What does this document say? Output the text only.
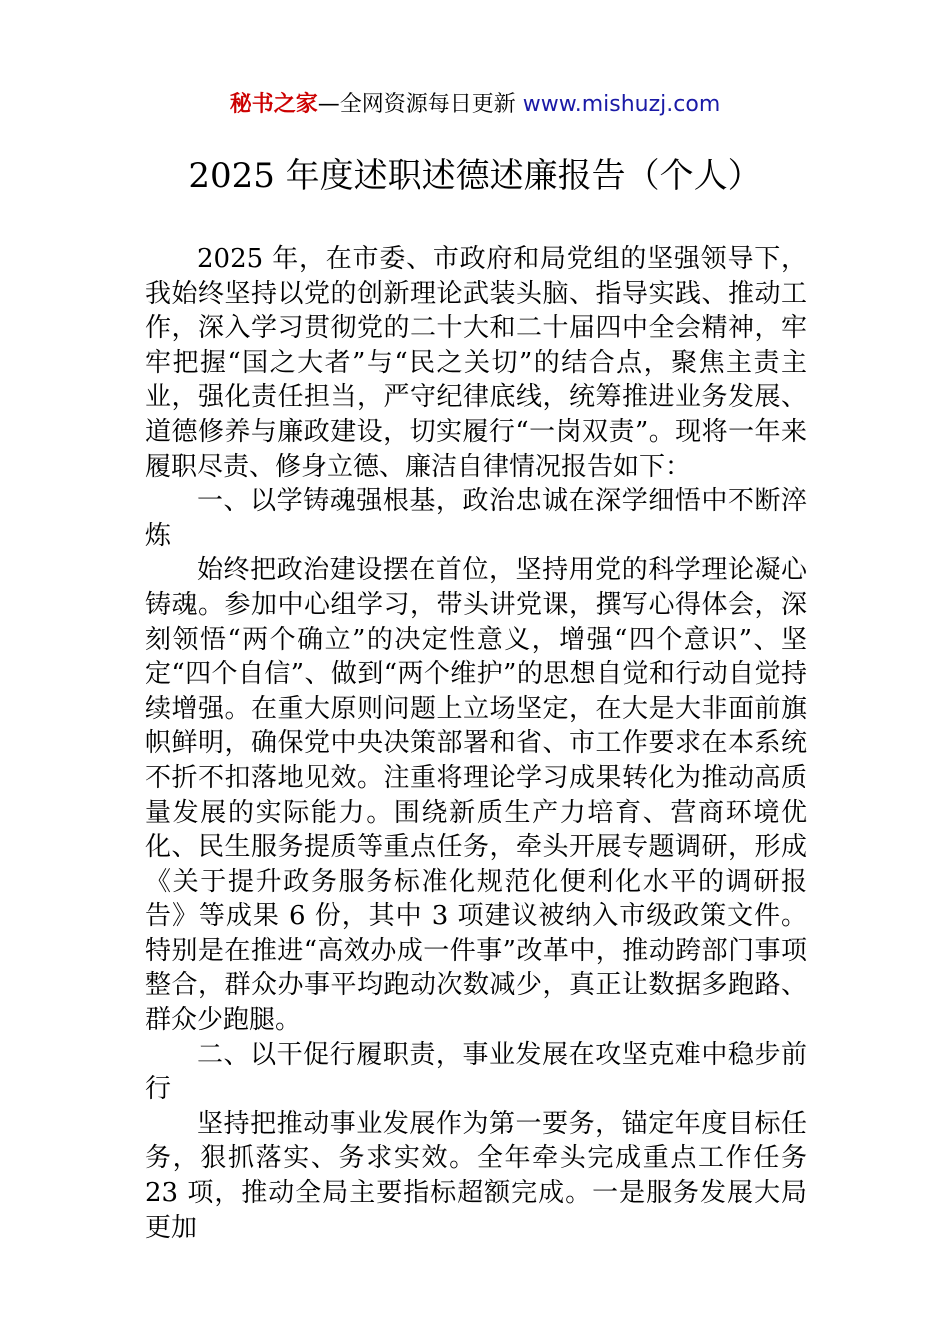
秘书之家—全网资源每日更新 www.mishuzj.com
2025 年度述职述德述廉报告（个人）

2025 年，在市委、市政府和局党组的坚强领导下，我始终坚持以党的创新理论武装头脑、指导实践、推动工作，深入学习贯彻党的二十大和二十届四中全会精神，牢牢把握“国之大者”与“民之关切”的结合点，聚焦主责主业，强化责任担当，严守纪律底线，统筹推进业务发展、道德修养与廉政建设，切实履行“一岗双责”。现将一年来履职尽责、修身立德、廉洁自律情况报告如下：

一、以学铸魂强根基，政治忠诚在深学细悟中不断淬炼

始终把政治建设摆在首位，坚持用党的科学理论凝心铸魂。参加中心组学习，带头讲党课，撰写心得体会，深刻领悟“两个确立”的决定性意义，增强“四个意识”、坚定“四个自信”、做到“两个维护”的思想自觉和行动自觉持续增强。在重大原则问题上立场坚定，在大是大非面前旗帜鲜明，确保党中央决策部署和省、市工作要求在本系统不折不扣落地见效。注重将理论学习成果转化为推动高质量发展的实际能力。围绕新质生产力培育、营商环境优化、民生服务提质等重点任务，牵头开展专题调研，形成《关于提升政务服务标准化规范化便利化水平的调研报告》等成果 6 份，其中 3 项建议被纳入市级政策文件。特别是在推进“高效办成一件事”改革中，推动跨部门事项整合，群众办事平均跑动次数减少，真正让数据多跑路、群众少跑腿。

二、以干促行履职责，事业发展在攻坚克难中稳步前行

坚持把推动事业发展作为第一要务，锚定年度目标任务，狠抓落实、务求实效。全年牵头完成重点工作任务 23 项，推动全局主要指标超额完成。一是服务发展大局更加
